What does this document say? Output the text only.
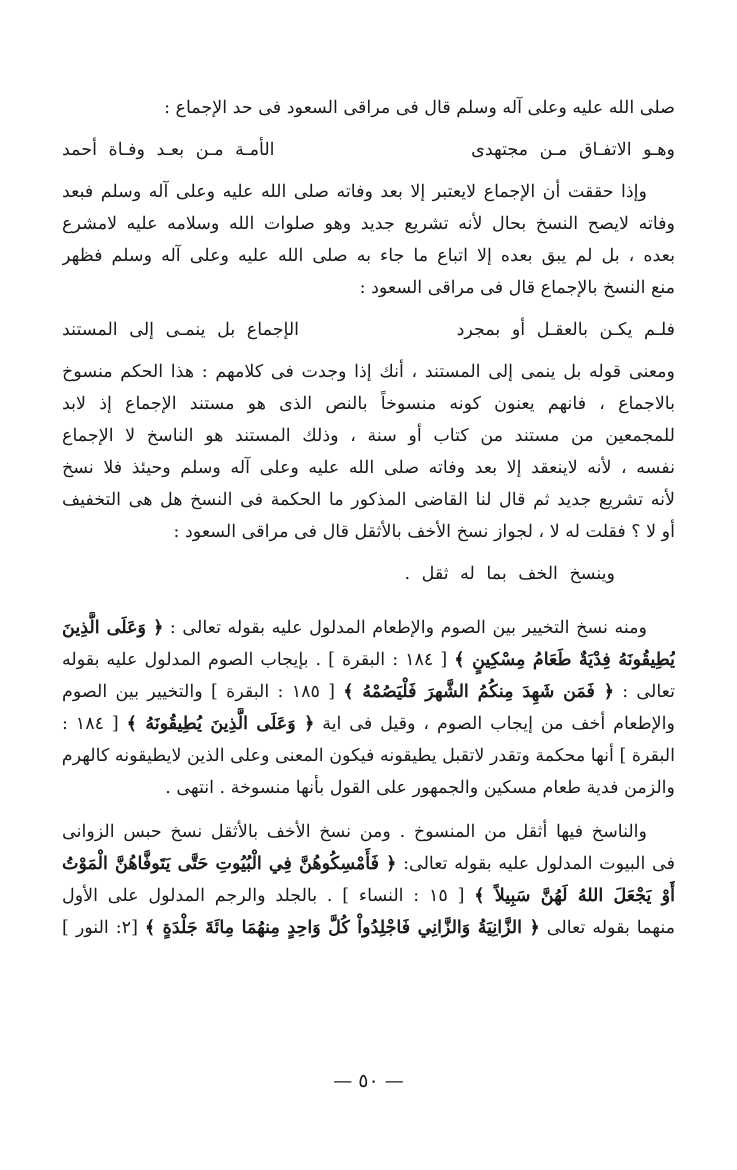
صلى الله عليه وعلى آله وسلم قال فى مراقى السعود فى حد الإجماع :
وهـو الاتفـاق مـن مجتهدى
الأمـة مـن بعـد وفـاة أحمد
وإذا حققت أن الإجماع لايعتبر إلا بعد وفاته صلى الله عليه وعلى آله وسلم فبعد
وفاته لايصح النسخ بحال لأنه تشريع جديد وهو صلوات الله وسلامه عليه لامشرع
بعده ، بل لم يبق بعده إلا اتباع ما جاء به صلى الله عليه وعلى آله وسلم فظهر
منع النسخ بالإجماع قال فى مراقى السعود :
فلـم يكـن بالعقـل أو بمجرد
الإجماع بل ينمـى إلى المستند
ومعنى قوله بل ينمى إلى المستند ، أنك إذا وجدت فى كلامهم : هذا الحكم منسوخ
بالاجماع ، فانهم يعنون كونه منسوخاً بالنص الذى هو مستند الإجماع إذ لابد
للمجمعين من مستند من كتاب أو سنة ، وذلك المستند هو الناسخ لا الإجماع
نفسه ، لأنه لاينعقد إلا بعد وفاته صلى الله عليه وعلى آله وسلم وحيئذ فلا نسخ
لأنه تشريع جديد ثم قال لنا القاضى المذكور ما الحكمة فى النسخ هل هى التخفيف
أو لا ؟ فقلت له لا ، لجواز نسخ الأخف بالأثقل قال فى مراقى السعود :
وينسخ الخف بما له ثقل .
ومنه نسخ التخيير بين الصوم والإطعام المدلول عليه بقوله تعالى : ﴿ وَعَلَى الَّذِينَ
يُطِيقُونَهُ فِدْيَةٌ طَعَامُ مِسْكِينٍ ﴾ [ ١٨٤ : البقرة ] . بإيجاب الصوم المدلول عليه بقوله
تعالى : ﴿ فَمَن شَهِدَ مِنكُمُ الشَّهرَ فَلْيَصُمْهُ ﴾ [ ١٨٥ : البقرة ] والتخيير بين الصوم
والإطعام أخف من إيجاب الصوم ، وقيل فى اية ﴿ وَعَلَى الَّذِينَ يُطِيقُونَهُ ﴾ [ ١٨٤ :
البقرة ] أنها محكمة وتقدر لاتقبل يطيقونه فيكون المعنى وعلى الذين لايطيقونه كالهرم
والزمن فدية طعام مسكين والجمهور على القول بأنها منسوخة . انتهى .
والناسخ فيها أثقل من المنسوخ . ومن نسخ الأخف بالأثقل نسخ حبس الزوانى
فى البيوت المدلول عليه بقوله تعالى: ﴿ فَأَمْسِكُوهُنَّ فِي الْبُيُوتِ حَتَّى يَتَوفَّاهُنَّ الْمَوْتُ
أَوْ يَجْعَلَ اللهُ لَهُنَّ سَبِيلاً ﴾ [ ١٥ : النساء ] . بالجلد والرجم المدلول على الأول
منهما بقوله تعالى ﴿ الزَّانِيَةُ وَالزَّانِي فَاجْلِدُواْ كُلَّ وَاحِدٍ مِنهُمَا مِائَةَ جَلْدَةٍ ﴾ [٢: النور ]
— ٥٠ —
